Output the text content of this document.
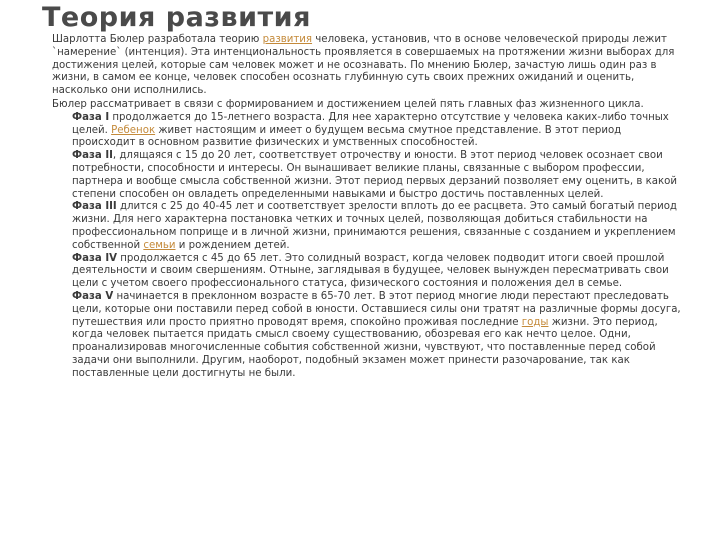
Теория развития

Шарлотта Бюлер разработала теорию развития человека, установив, что в основе человеческой природы лежит `намерение` (интенция). Эта интенциональность проявляется в совершаемых на протяжении жизни выборах для достижения целей, которые сам человек может и не осознавать. По мнению Бюлер, зачастую лишь один раз в жизни, в самом ее конце, человек способен осознать глубинную суть своих прежних ожиданий и оценить, насколько они исполнились.

Бюлер рассматривает в связи с формированием и достижением целей пять главных фаз жизненного цикла.

Фаза I продолжается до 15-летнего возраста. Для нее характерно отсутствие у человека каких-либо точных целей. Ребенок живет настоящим и имеет о будущем весьма смутное представление. В этот период происходит в основном развитие физических и умственных способностей.

Фаза II, длящаяся с 15 до 20 лет, соответствует отрочеству и юности. В этот период человек осознает свои потребности, способности и интересы. Он вынашивает великие планы, связанные с выбором профессии, партнера и вообще смысла собственной жизни. Этот период первых дерзаний позволяет ему оценить, в какой степени способен он овладеть определенными навыками и быстро достичь поставленных целей.

Фаза III длится с 25 до 40-45 лет и соответствует зрелости вплоть до ее расцвета. Это самый богатый период жизни. Для него характерна постановка четких и точных целей, позволяющая добиться стабильности на профессиональном поприще и в личной жизни, принимаются решения, связанные с созданием и укреплением собственной семьи и рождением детей.

Фаза IV продолжается с 45 до 65 лет. Это солидный возраст, когда человек подводит итоги своей прошлой деятельности и своим свершениям. Отныне, заглядывая в будущее, человек вынужден пересматривать свои цели с учетом своего профессионального статуса, физического состояния и положения дел в семье.

Фаза V начинается в преклонном возрасте в 65-70 лет. В этот период многие люди перестают преследовать цели, которые они поставили перед собой в юности. Оставшиеся силы они тратят на различные формы досуга, путешествия или просто приятно проводят время, спокойно проживая последние годы жизни. Это период, когда человек пытается придать смысл своему существованию, обозревая его как нечто целое. Одни, проанализировав многочисленные события собственной жизни, чувствуют, что поставленные перед собой задачи они выполнили. Другим, наоборот, подобный экзамен может принести разочарование, так как поставленные цели достигнуты не были.
